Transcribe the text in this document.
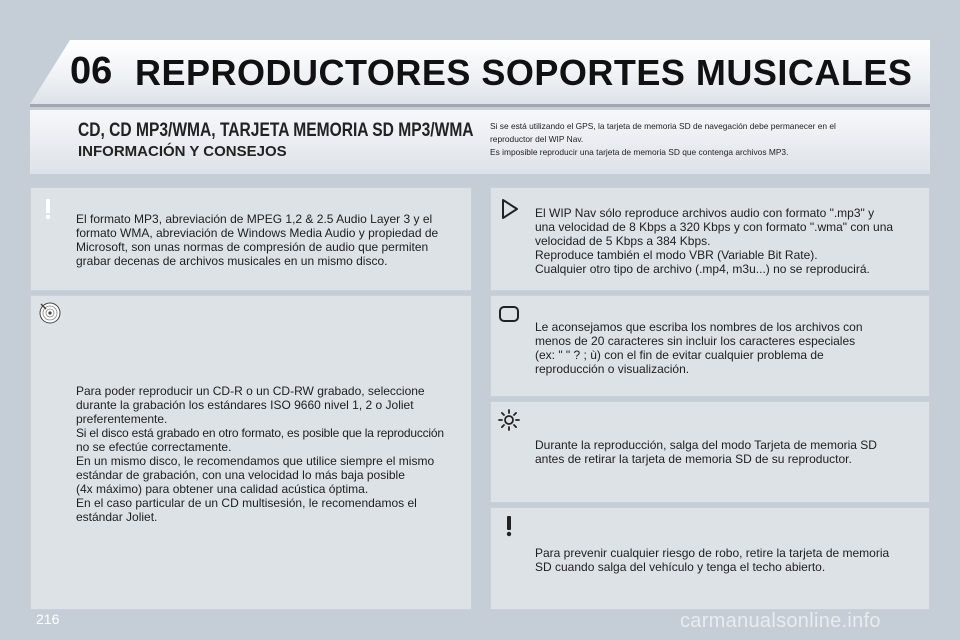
06 REPRODUCTORES SOPORTES MUSICALES
CD, CD MP3/WMA, TARJETA MEMORIA SD MP3/WMA
INFORMACIÓN Y CONSEJOS
Si se está utilizando el GPS, la tarjeta de memoria SD de navegación debe permanecer en el
reproductor del WIP Nav.
Es imposible reproducir una tarjeta de memoria SD que contenga archivos MP3.

El formato MP3, abreviación de MPEG 1,2 & 2.5 Audio Layer 3 y el

formato WMA, abreviación de Windows Media Audio y propiedad de

Microsoft, son unas normas de compresión de audio que permiten

grabar decenas de archivos musicales en un mismo disco.

Para poder reproducir un CD-R o un CD-RW grabado, seleccione

durante la grabación los estándares ISO 9660 nivel 1, 2 o Joliet

preferentemente.

Si el disco está grabado en otro formato, es posible que la reproducción

no se efectúe correctamente.

En un mismo disco, le recomendamos que utilice siempre el mismo

estándar de grabación, con una velocidad lo más baja posible

(4x máximo) para obtener una calidad acústica óptima.

En el caso particular de un CD multisesión, le recomendamos el

estándar Joliet.

El WIP Nav sólo reproduce archivos audio con formato ".mp3" y

una velocidad de 8 Kbps a 320 Kbps y con formato ".wma" con una

velocidad de 5 Kbps a 384 Kbps.

Reproduce también el modo VBR (Variable Bit Rate).

Cualquier otro tipo de archivo (.mp4, m3u...) no se reproducirá.

Le aconsejamos que escriba los nombres de los archivos con

menos de 20 caracteres sin incluir los caracteres especiales

(ex: " " ? ; ù) con el fin de evitar cualquier problema de

reproducción o visualización.

Durante la reproducción, salga del modo Tarjeta de memoria SD

antes de retirar la tarjeta de memoria SD de su reproductor.

Para prevenir cualquier riesgo de robo, retire la tarjeta de memoria

SD cuando salga del vehículo y tenga el techo abierto.

216	carmanualsonline.info
